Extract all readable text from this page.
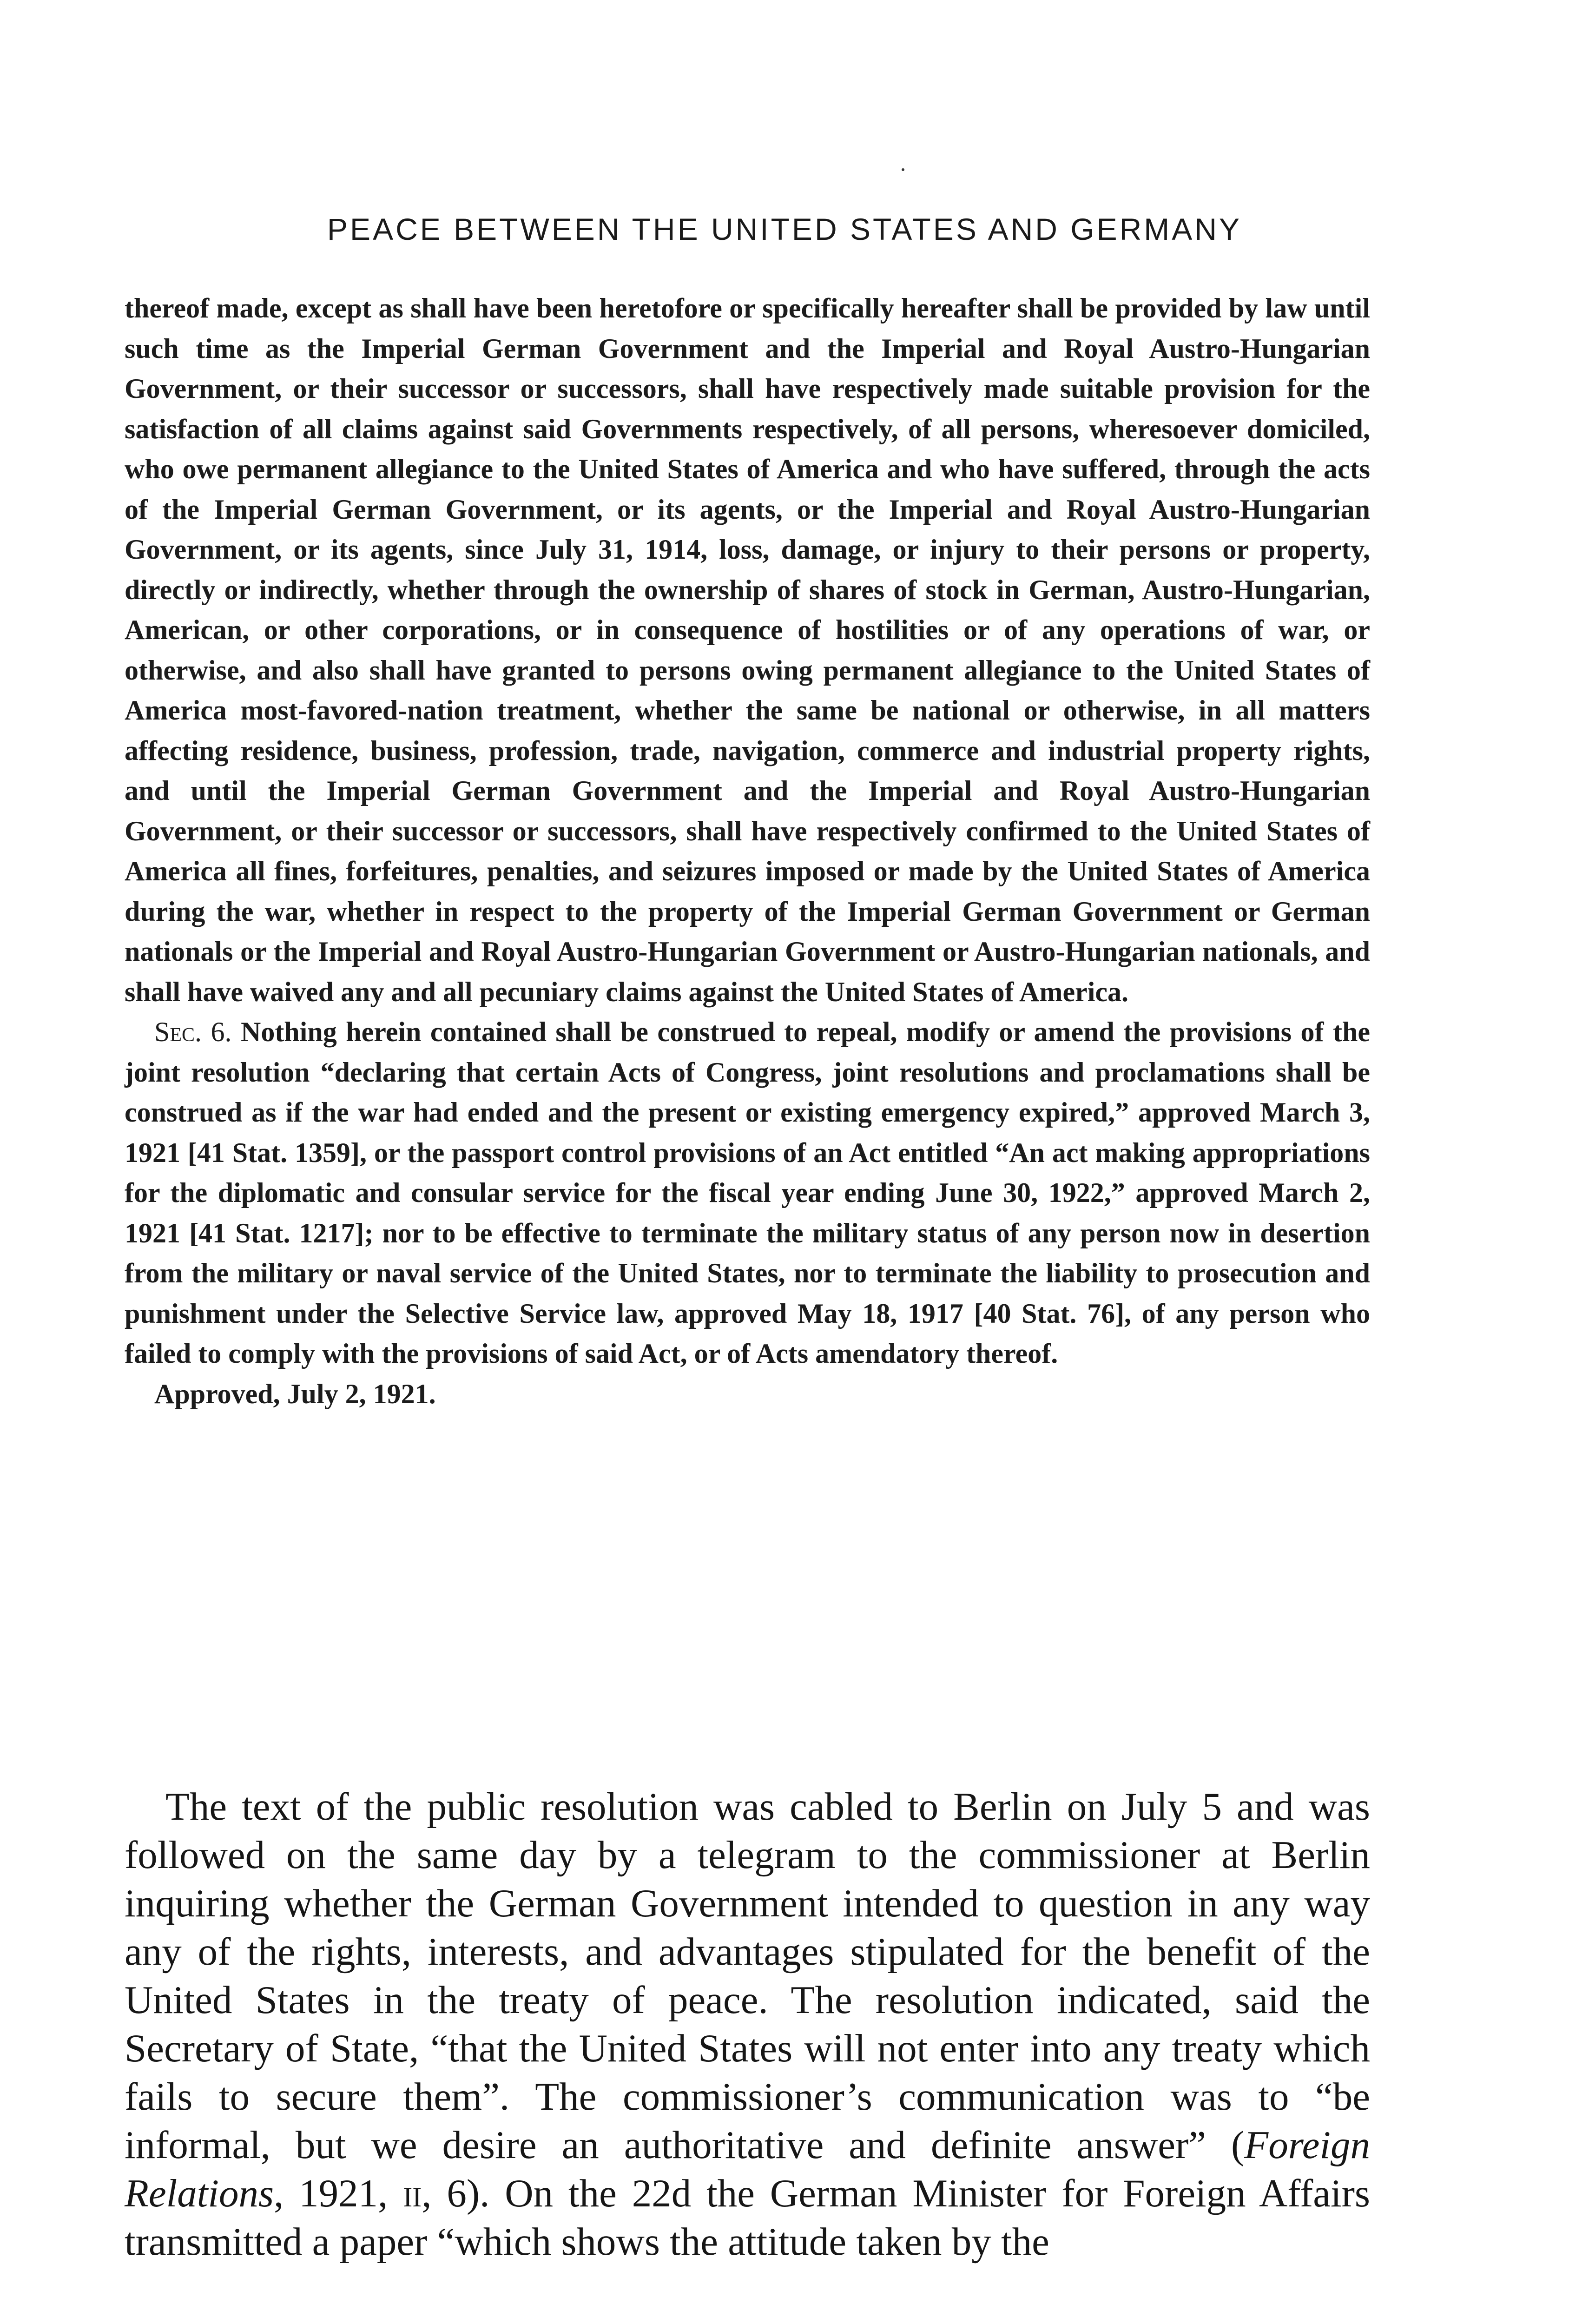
PEACE BETWEEN THE UNITED STATES AND GERMANY

thereof made, except as shall have been heretofore or specifically hereafter shall be provided by law until such time as the Imperial German Government and the Imperial and Royal Austro-Hungarian Government, or their successor or successors, shall have respectively made suitable provision for the satisfaction of all claims against said Governments respectively, of all persons, wheresoever domiciled, who owe permanent allegiance to the United States of America and who have suffered, through the acts of the Imperial German Government, or its agents, or the Imperial and Royal Austro-Hungarian Government, or its agents, since July 31, 1914, loss, damage, or injury to their persons or property, directly or indirectly, whether through the ownership of shares of stock in German, Austro-Hungarian, American, or other corporations, or in consequence of hostilities or of any operations of war, or otherwise, and also shall have granted to persons owing permanent allegiance to the United States of America most-favored-nation treatment, whether the same be national or otherwise, in all matters affecting residence, business, profession, trade, navigation, commerce and industrial property rights, and until the Imperial German Government and the Imperial and Royal Austro-Hungarian Government, or their successor or successors, shall have respectively confirmed to the United States of America all fines, forfeitures, penalties, and seizures imposed or made by the United States of America during the war, whether in respect to the property of the Imperial German Government or German nationals or the Imperial and Royal Austro-Hungarian Government or Austro-Hungarian nationals, and shall have waived any and all pecuniary claims against the United States of America.

Sec. 6. Nothing herein contained shall be construed to repeal, modify or amend the provisions of the joint resolution “declaring that certain Acts of Congress, joint resolutions and proclamations shall be construed as if the war had ended and the present or existing emergency expired,” approved March 3, 1921 [41 Stat. 1359], or the passport control provisions of an Act entitled “An act making appropriations for the diplomatic and consular service for the fiscal year ending June 30, 1922,” approved March 2, 1921 [41 Stat. 1217]; nor to be effective to terminate the military status of any person now in desertion from the military or naval service of the United States, nor to terminate the liability to prosecution and punishment under the Selective Service law, approved May 18, 1917 [40 Stat. 76], of any person who failed to comply with the provisions of said Act, or of Acts amendatory thereof.

Approved, July 2, 1921.

The text of the public resolution was cabled to Berlin on July 5 and was followed on the same day by a telegram to the commissioner at Berlin inquiring whether the German Government intended to question in any way any of the rights, interests, and advantages stipulated for the benefit of the United States in the treaty of peace. The resolution indicated, said the Secretary of State, “that the United States will not enter into any treaty which fails to secure them”. The commissioner’s communication was to “be informal, but we desire an authoritative and definite answer” (Foreign Relations, 1921, ii, 6). On the 22d the German Minister for Foreign Affairs transmitted a paper “which shows the attitude taken by the
